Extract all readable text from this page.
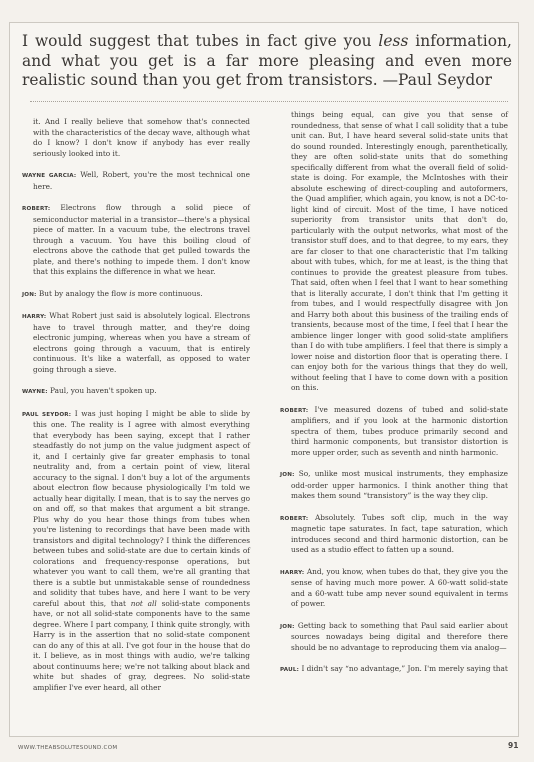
I would suggest that tubes in fact give you less information, and what you get is a far more pleasing and even more realistic sound than you get from transistors. —Paul Seydor

it. And I really believe that somehow that's connected with the characteristics of the decay wave, although what do I know? I don't know if anybody has ever really seriously looked into it.

WAYNE GARCIA: Well, Robert, you're the most technical one here.

ROBERT: Electrons flow through a solid piece of semiconductor material in a transistor—there's a physical piece of matter. In a vacuum tube, the electrons travel through a vacuum. You have this boiling cloud of electrons above the cathode that get pulled towards the plate, and there's nothing to impede them. I don't know that this explains the difference in what we hear.

JON: But by analogy the flow is more continuous.

HARRY: What Robert just said is absolutely logical. Electrons have to travel through matter, and they're doing electronic jumping, whereas when you have a stream of electrons going through a vacuum, that is entirely continuous. It's like a waterfall, as opposed to water going through a sieve.

WAYNE: Paul, you haven't spoken up.

PAUL SEYDOR: I was just hoping I might be able to slide by this one. The reality is I agree with almost everything that everybody has been saying, except that I rather steadfastly do not jump on the value judgment aspect of it, and I certainly give far greater emphasis to tonal neutrality and, from a certain point of view, literal accuracy to the signal. I don't buy a lot of the arguments about electron flow because physiologically I'm told we actually hear digitally. I mean, that is to say the nerves go on and off, so that makes that argument a bit strange. Plus why do you hear those things from tubes when you're listening to recordings that have been made with transistors and digital technology? I think the differences between tubes and solid-state are due to certain kinds of colorations and frequency-response operations, but whatever you want to call them, we're all granting that there is a subtle but unmistakable sense of roundedness and solidity that tubes have, and here I want to be very careful about this, that not all solid-state components have, or not all solid-state components have to the same degree. Where I part company, I think quite strongly, with Harry is in the assertion that no solid-state component can do any of this at all. I've got four in the house that do it. I believe, as in most things with audio, we're talking about continuums here; we're not talking about black and white but shades of gray, degrees. No solid-state amplifier I've ever heard, all other

things being equal, can give you that sense of roundedness, that sense of what I call solidity that a tube unit can. But, I have heard several solid-state units that do sound rounded. Interestingly enough, parenthetically, they are often solid-state units that do something specifically different from what the overall field of solid-state is doing. For example, the McIntoshes with their absolute eschewing of direct-coupling and autoformers, the Quad amplifier, which again, you know, is not a DC-to-light kind of circuit. Most of the time, I have noticed superiority from transistor units that don't do, particularly with the output networks, what most of the transistor stuff does, and to that degree, to my ears, they are far closer to that one characteristic that I'm talking about with tubes, which, for me at least, is the thing that continues to provide the greatest pleasure from tubes. That said, often when I feel that I want to hear something that is literally accurate, I don't think that I'm getting it from tubes, and I would respectfully disagree with Jon and Harry both about this business of the trailing ends of transients, because most of the time, I feel that I hear the ambience linger longer with good solid-state amplifiers than I do with tube amplifiers. I feel that there is simply a lower noise and distortion floor that is operating there. I can enjoy both for the various things that they do well, without feeling that I have to come down with a position on this.

ROBERT: I've measured dozens of tubed and solid-state amplifiers, and if you look at the harmonic distortion spectra of them, tubes produce primarily second and third harmonic components, but transistor distortion is more upper order, such as seventh and ninth harmonic.

JON: So, unlike most musical instruments, they emphasize odd-order upper harmonics. I think another thing that makes them sound “transistory” is the way they clip.

ROBERT: Absolutely. Tubes soft clip, much in the way magnetic tape saturates. In fact, tape saturation, which introduces second and third harmonic distortion, can be used as a studio effect to fatten up a sound.

HARRY: And, you know, when tubes do that, they give you the sense of having much more power. A 60-watt solid-state and a 60-watt tube amp never sound equivalent in terms of power.

JON: Getting back to something that Paul said earlier about sources nowadays being digital and therefore there should be no advantage to reproducing them via analog—

PAUL: I didn't say “no advantage,” Jon. I'm merely saying that

WWW.THEABSOLUTESOUND.COM	91
